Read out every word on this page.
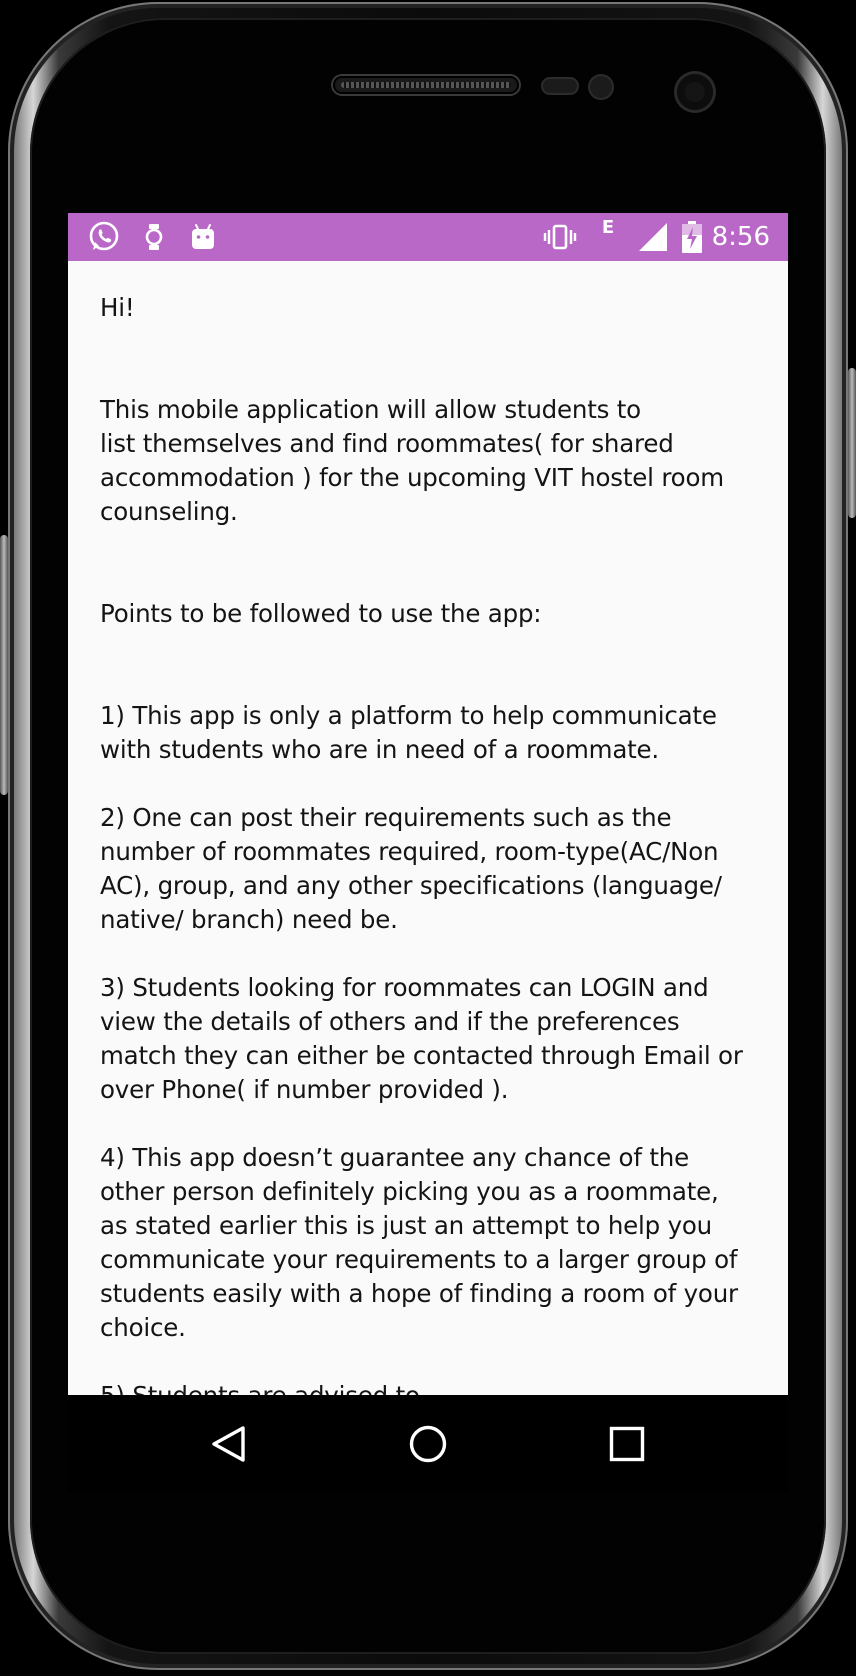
E	8:56

Hi!

This mobile application will allow students to
list themselves and find roommates( for shared
accommodation ) for the upcoming VIT hostel room
counseling.

Points to be followed to use the app:

1) This app is only a platform to help communicate
with students who are in need of a roommate.

2) One can post their requirements such as the
number of roommates required, room-type(AC/Non
AC), group, and any other specifications (language/
native/ branch) need be.

3) Students looking for roommates can LOGIN and
view the details of others and if the preferences
match they can either be contacted through Email or
over Phone( if number provided ).

4) This app doesn’t guarantee any chance of the
other person definitely picking you as a roommate,
as stated earlier this is just an attempt to help you
communicate your requirements to a larger group of
students easily with a hope of finding a room of your
choice.
